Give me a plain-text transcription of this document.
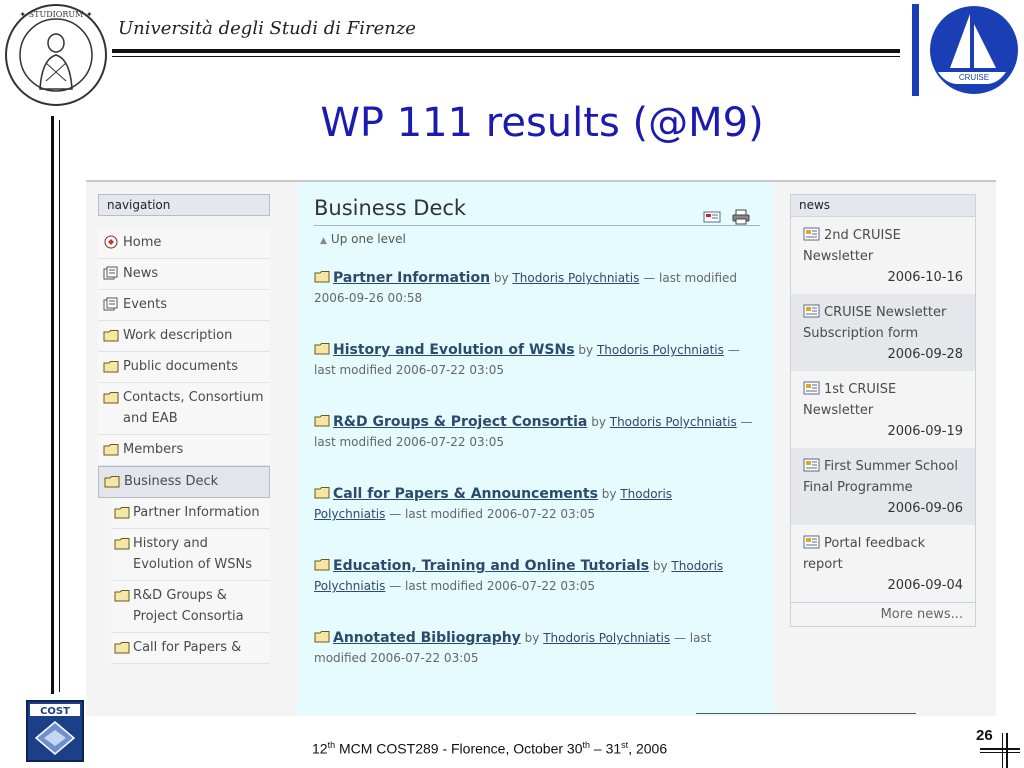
✦ STUDIORUM ✦
Università degli Studi di Firenze
CRUISE
WP 111 results (@M9)
navigation
Home
News
Events
Work description
Public documents
Contacts, Consortium and EAB
Members
Business Deck
Partner Information
History and Evolution of WSNs
R&D Groups & Project Consortia
Call for Papers &
Business Deck

▲ Up one level
Partner Information by Thodoris Polychniatis — last modified 2006-09-26 00:58
History and Evolution of WSNs by Thodoris Polychniatis — last modified 2006-07-22 03:05
R&D Groups & Project Consortia by Thodoris Polychniatis — last modified 2006-07-22 03:05
Call for Papers & Announcements by Thodoris
Polychniatis — last modified 2006-07-22 03:05
Education, Training and Online Tutorials by Thodoris
Polychniatis — last modified 2006-07-22 03:05
Annotated Bibliography by Thodoris Polychniatis — last modified 2006-07-22 03:05
news
2nd CRUISE Newsletter
2006-10-16
CRUISE Newsletter Subscription form
2006-09-28
1st CRUISE Newsletter
2006-09-19
First Summer School Final Programme
2006-09-06
Portal feedback report
2006-09-04
More news...
COST
12th MCM COST289 - Florence, October 30th – 31st, 2006
26
